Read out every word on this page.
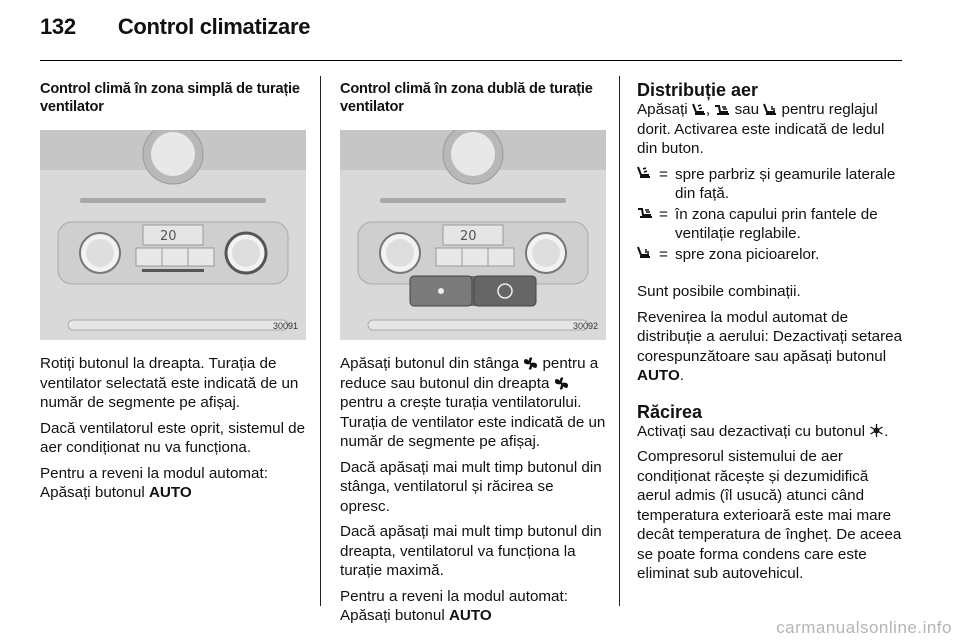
132 Control climatizare
Control climă în zona simplă de turație ventilator
20
30091

Rotiți butonul la dreapta. Turația de ventilator selectată este indicată de un număr de segmente pe afișaj.

Dacă ventilatorul este oprit, sistemul de aer condiționat nu va funcționa.

Pentru a reveni la modul automat: Apăsați butonul AUTO

Control climă în zona dublă de turație ventilator
20
30092

Apăsați butonul din stânga  pentru a reduce sau butonul din dreapta  pentru a crește turația ventilatorului. Turația de ventilator este indicată de un număr de segmente pe afișaj.

Dacă apăsați mai mult timp butonul din stânga, ventilatorul și răcirea se opresc.

Dacă apăsați mai mult timp butonul din dreapta, ventilatorul va funcționa la turație maximă.

Pentru a reveni la modul automat: Apăsați butonul AUTO

Distribuție aer

Apăsați ,  sau  pentru reglajul dorit. Activarea este indicată de ledul din buton.

= spre parbriz și geamurile laterale din față.
= în zona capului prin fantele de ventilație reglabile.
= spre zona picioarelor.

Sunt posibile combinații.

Revenirea la modul automat de distribuție a aerului: Dezactivați setarea corespunzătoare sau apăsați butonul AUTO.

Răcirea

Activați sau dezactivați cu butonul .

Compresorul sistemului de aer condiționat răcește și dezumidifică aerul admis (îl usucă) atunci când temperatura exterioară este mai mare decât temperatura de îngheț. De aceea se poate forma condens care este eliminat sub autovehicul.

carmanualsonline.info
